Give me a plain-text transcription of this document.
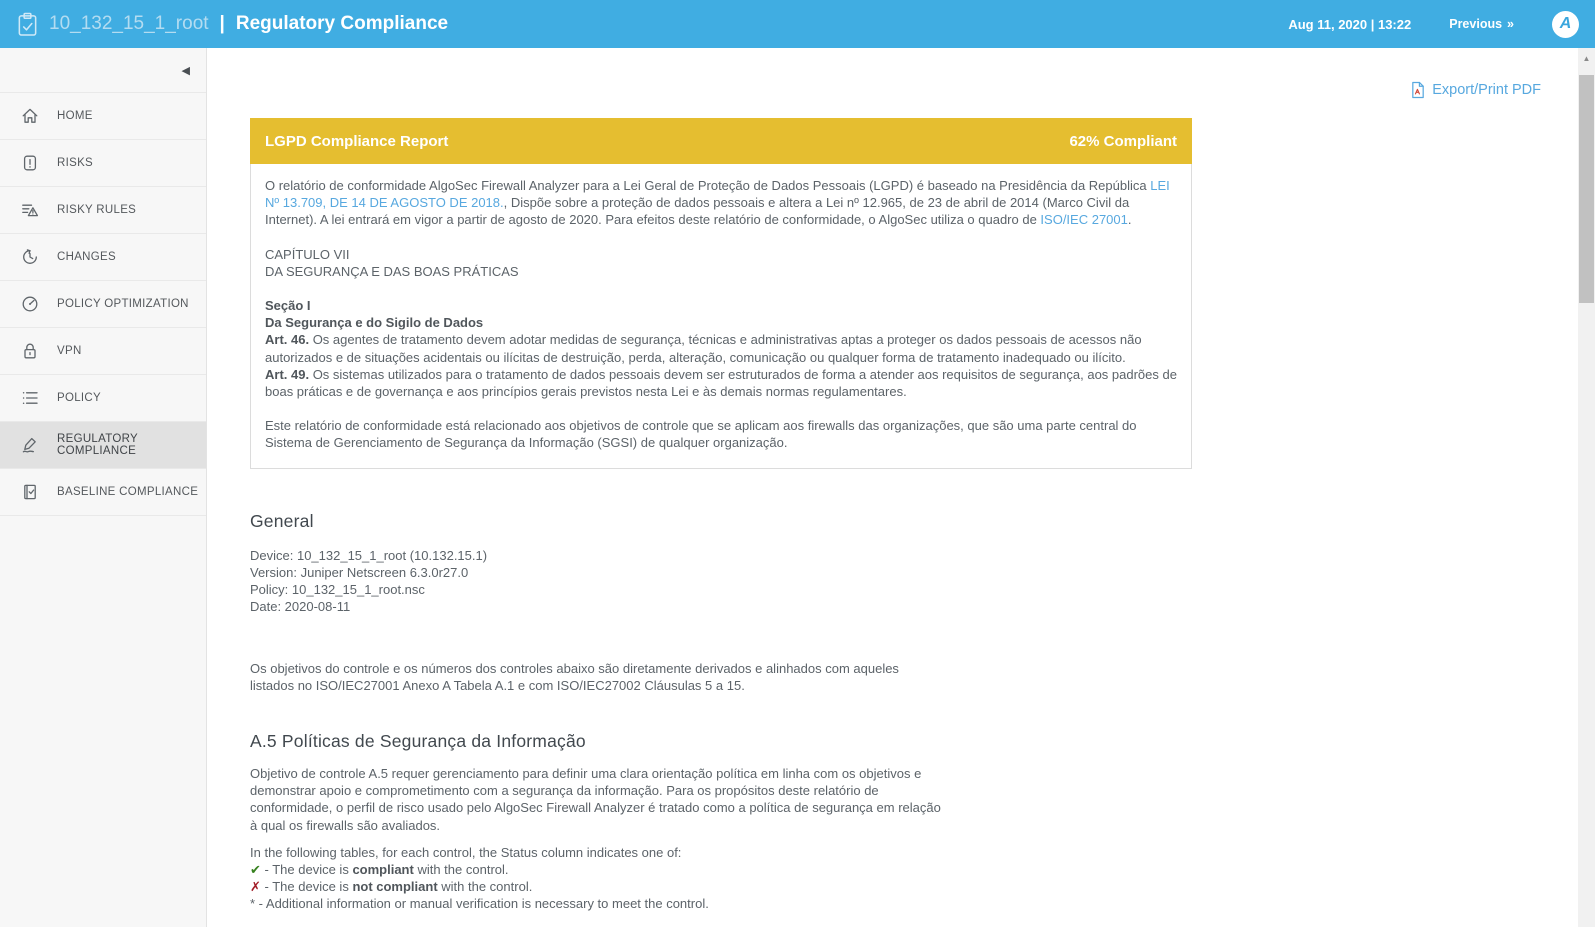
10_132_15_1_root | Regulatory Compliance	Aug 11, 2020 | 13:22	Previous »	A
◀
HOME
RISKS
RISKY RULES
CHANGES
POLICY OPTIMIZATION
VPN
POLICY
REGULATORY COMPLIANCE
BASELINE COMPLIANCE
Export/Print PDF
LGPD Compliance Report	62% Compliant

O relatório de conformidade AlgoSec Firewall Analyzer para a Lei Geral de Proteção de Dados Pessoais (LGPD) é baseado na Presidência da República LEI Nº 13.709, DE 14 DE AGOSTO DE 2018., Dispõe sobre a proteção de dados pessoais e altera a Lei nº 12.965, de 23 de abril de 2014 (Marco Civil da Internet). A lei entrará em vigor a partir de agosto de 2020. Para efeitos deste relatório de conformidade, o AlgoSec utiliza o quadro de ISO/IEC 27001.

CAPÍTULO VII
DA SEGURANÇA E DAS BOAS PRÁTICAS

Seção I
Da Segurança e do Sigilo de Dados
Art. 46. Os agentes de tratamento devem adotar medidas de segurança, técnicas e administrativas aptas a proteger os dados pessoais de acessos não autorizados e de situações acidentais ou ilícitas de destruição, perda, alteração, comunicação ou qualquer forma de tratamento inadequado ou ilícito.
Art. 49. Os sistemas utilizados para o tratamento de dados pessoais devem ser estruturados de forma a atender aos requisitos de segurança, aos padrões de boas práticas e de governança e aos princípios gerais previstos nesta Lei e às demais normas regulamentares.

Este relatório de conformidade está relacionado aos objetivos de controle que se aplicam aos firewalls das organizações, que são uma parte central do Sistema de Gerenciamento de Segurança da Informação (SGSI) de qualquer organização.

General
Device: 10_132_15_1_root (10.132.15.1)
Version: Juniper Netscreen 6.3.0r27.0
Policy: 10_132_15_1_root.nsc
Date: 2020-08-11

Os objetivos do controle e os números dos controles abaixo são diretamente derivados e alinhados com aqueles listados no ISO/IEC27001 Anexo A Tabela A.1 e com ISO/IEC27002 Cláusulas 5 a 15.

A.5 Políticas de Segurança da Informação

Objetivo de controle A.5 requer gerenciamento para definir uma clara orientação política em linha com os objetivos e demonstrar apoio e comprometimento com a segurança da informação. Para os propósitos deste relatório de conformidade, o perfil de risco usado pelo AlgoSec Firewall Analyzer é tratado como a política de segurança em relação à qual os firewalls são avaliados.

In the following tables, for each control, the Status column indicates one of:
✔ - The device is compliant with the control.
✗ - The device is not compliant with the control.
* - Additional information or manual verification is necessary to meet the control.
▲
